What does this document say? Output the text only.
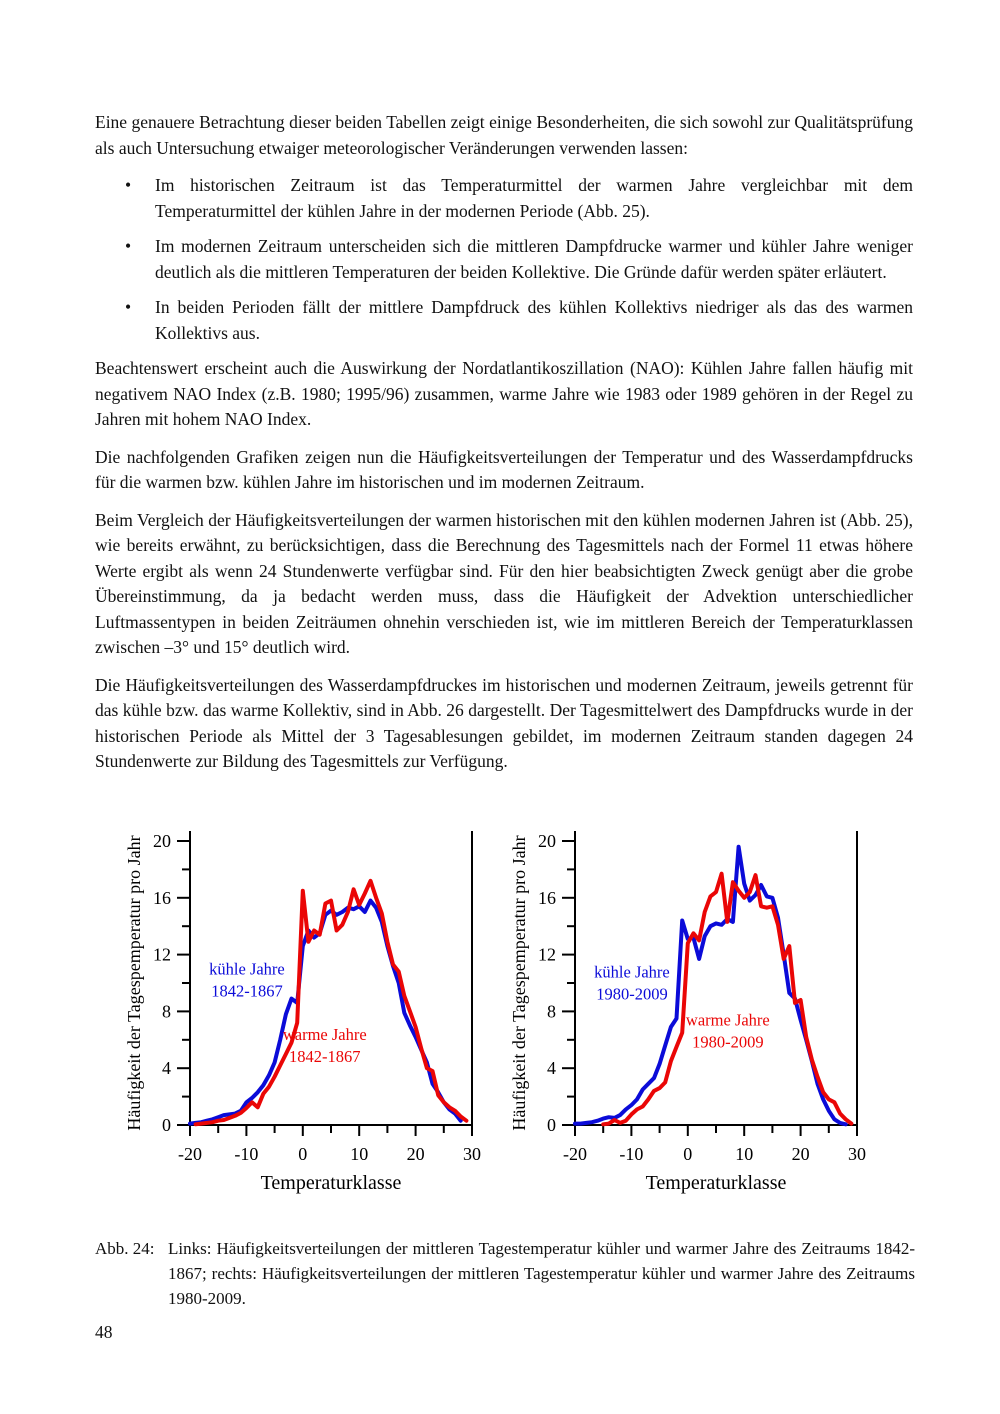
Eine genauere Betrachtung dieser beiden Tabellen zeigt einige Besonderheiten, die sich sowohl zur Qualitätsprüfung als auch Untersuchung etwaiger meteorologischer Veränderungen verwenden lassen:

• Im historischen Zeitraum ist das Temperaturmittel der warmen Jahre vergleichbar mit dem Temperaturmittel der kühlen Jahre in der modernen Periode (Abb. 25).
• Im modernen Zeitraum unterscheiden sich die mittleren Dampfdrucke warmer und kühler Jahre weniger deutlich als die mittleren Temperaturen der beiden Kollektive. Die Gründe dafür werden später erläutert.
• In beiden Perioden fällt der mittlere Dampfdruck des kühlen Kollektivs niedriger als das des warmen Kollektivs aus.

Beachtenswert erscheint auch die Auswirkung der Nordatlantikoszillation (NAO): Kühlen Jahre fallen häufig mit negativem NAO Index (z.B. 1980; 1995/96) zusammen, warme Jahre wie 1983 oder 1989 gehören in der Regel zu Jahren mit hohem NAO Index.

Die nachfolgenden Grafiken zeigen nun die Häufigkeitsverteilungen der Temperatur und des Wasserdampfdrucks für die warmen bzw. kühlen Jahre im historischen und im modernen Zeitraum.

Beim Vergleich der Häufigkeitsverteilungen der warmen historischen mit den kühlen modernen Jahren ist (Abb. 25), wie bereits erwähnt, zu berücksichtigen, dass die Berechnung des Tagesmittels nach der Formel 11 etwas höhere Werte ergibt als wenn 24 Stundenwerte verfügbar sind. Für den hier beabsichtigten Zweck genügt aber die grobe Übereinstimmung, da ja bedacht werden muss, dass die Häufigkeit der Advektion unterschiedlicher Luftmassentypen in beiden Zeiträumen ohnehin verschieden ist, wie im mittleren Bereich der Temperaturklassen zwischen –3° und 15° deutlich wird.

Die Häufigkeitsverteilungen des Wasserdampfdruckes im historischen und modernen Zeitraum, jeweils getrennt für das kühle bzw. das warme Kollektiv, sind in Abb. 26 dargestellt. Der Tagesmittelwert des Dampfdrucks wurde in der historischen Periode als Mittel der 3 Tagesablesungen gebildet, im modernen Zeitraum standen dagegen 24 Stundenwerte zur Bildung des Tagesmittels zur Verfügung.

-20 -10 0 10 20 30
0
4
8
12
16
20
Temperaturklasse
Häufigkeit der Tagespemperatur pro Jahr	kühle Jahre
1842-1867
warme Jahre
1842-1867
-20 -10 0 10 20 30
0
4
8
12
16
20
Temperaturklasse
Häufigkeit der Tagespemperatur pro Jahr	kühle Jahre
1980-2009
warme Jahre
1980-2009
Abb. 24: Links: Häufigkeitsverteilungen der mittleren Tagestemperatur kühler und warmer Jahre des Zeitraums 1842-1867; rechts: Häufigkeitsverteilungen der mittleren Tagestemperatur kühler und warmer Jahre des Zeitraums 1980-2009.
48
